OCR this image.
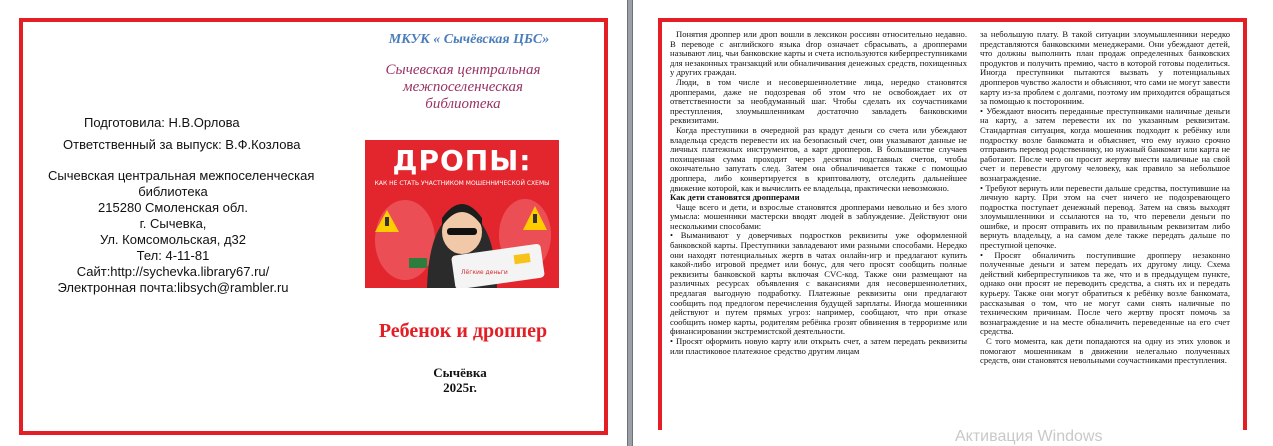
МКУК « Сычёвская ЦБС»
Сычевская центральная
межпоселенческая
библиотека
Подготовила: Н.В.Орлова
Ответственный за выпуск: В.Ф.Козлова
Сычевская центральная межпоселенческая
библиотека
215280 Смоленская обл.
г. Сычевка,
Ул. Комсомольская, д32
Тел: 4-11-81
Сайт:http://sychevka.library67.ru/
Электронная почта:libsych@rambler.ru
ДРОПЫ:
КАК НЕ СТАТЬ УЧАСТНИКОМ МОШЕННИЧЕСКОЙ СХЕМЫ
Лёгкие деньги
Ребенок и дроппер
Сычёвка
2025г.

Понятия дроппер или дроп вошли в лексикон россиян относительно недавно. В переводе с английского языка drop означает сбрасывать, а дропперами называют лиц, чьи банковские карты и счета используются киберпреступниками для незаконных транзакций или обналичивания денежных средств, похищенных у других граждан.

Люди, в том числе и несовершеннолетние лица, нередко становятся дропперами, даже не подозревая об этом что не освобождает их от ответственности за необдуманный шаг. Чтобы сделать их соучастниками преступления, злоумышленникам достаточно завладеть банковскими реквизитами.

Когда преступники в очередной раз крадут деньги со счета или убеждают владельца средств перевести их на безопасный счет, они указывают данные не личных платежных инструментов, а карт дропперов. В большинстве случаев похищенная сумма проходит через десятки подставных счетов, чтобы окончательно запутать след. Затем она обналичивается также с помощью дроппера, либо конвертируется в криптовалюту, отследить дальнейшее движение которой, как и вычислить ее владельца, практически невозможно.

Как дети становятся дропперами

Чаще всего и дети, и взрослые становятся дропперами невольно и без злого умысла: мошенники мастерски вводят людей в заблуждение. Действуют они несколькими способами:

• Выманивают у доверчивых подростков реквизиты уже оформленной банковской карты. Преступники завладевают ими разными способами. Нередко они находят потенциальных жертв в чатах онлайн-игр и предлагают купить какой-либо игровой предмет или бонус, для чего просят сообщить полные реквизиты банковской карты включая CVC-код. Также они размещают на различных ресурсах объявления с вакансиями для несовершеннолетних, предлагая выгодную подработку. Платежные реквизиты они предлагают сообщить под предлогом перечисления будущей зарплаты. Иногда мошенники действуют и путем прямых угроз: например, сообщают, что при отказе сообщить номер карты, родителям ребёнка грозят обвинения в терроризме или финансировании экстремистской деятельности.

• Просят оформить новую карту или открыть счет, а затем передать реквизиты или пластиковое платежное средство другим лицам

за небольшую плату. В такой ситуации злоумышленники нередко представляются банковскими менеджерами. Они убеждают детей, что должны выполнить план продаж определенных банковских продуктов и получить премию, часто в которой готовы поделиться. Иногда преступники пытаются вызвать у потенциальных дропперов чувство жалости и объясняют, что сами не могут завести карту из-за проблем с долгами, поэтому им приходится обращаться за помощью к посторонним.

• Убеждают вносить переданные преступниками наличные деньги на карту, а затем перевести их по указанным реквизитам. Стандартная ситуация, когда мошенник подходит к ребёнку или подростку возле банкомата и объясняет, что ему нужно срочно отправить перевод родственнику, но нужный банкомат или карта не работают. После чего он просит жертву внести наличные на свой счет и перевести другому человеку, как правило за небольшое вознаграждение.

• Требуют вернуть или перевести дальше средства, поступившие на личную карту. При этом на счет ничего не подозревающего подростка поступает денежный перевод. Затем на связь выходят злоумышленники и ссылаются на то, что перевели деньги по ошибке, и просят отправить их по правильным реквизитам либо вернуть владельцу, а на самом деле также передать дальше по преступной цепочке.

• Просят обналичить поступившие дропперу незаконно полученные деньги и затем передать их другому лицу. Схема действий киберпреступников та же, что и в предыдущем пункте, однако они просят не переводить средства, а снять их и передать курьеру. Также они могут обратиться к ребёнку возле банкомата, рассказывая о том, что не могут сами снять наличные по техническим причинам. После чего жертву просят помочь за вознаграждение и на месте обналичить переведенные на его счет средства.

С того момента, как дети попадаются на одну из этих уловок и помогают мошенникам в движении нелегально полученных средств, они становятся невольными соучастниками преступления.

Активация Windows
